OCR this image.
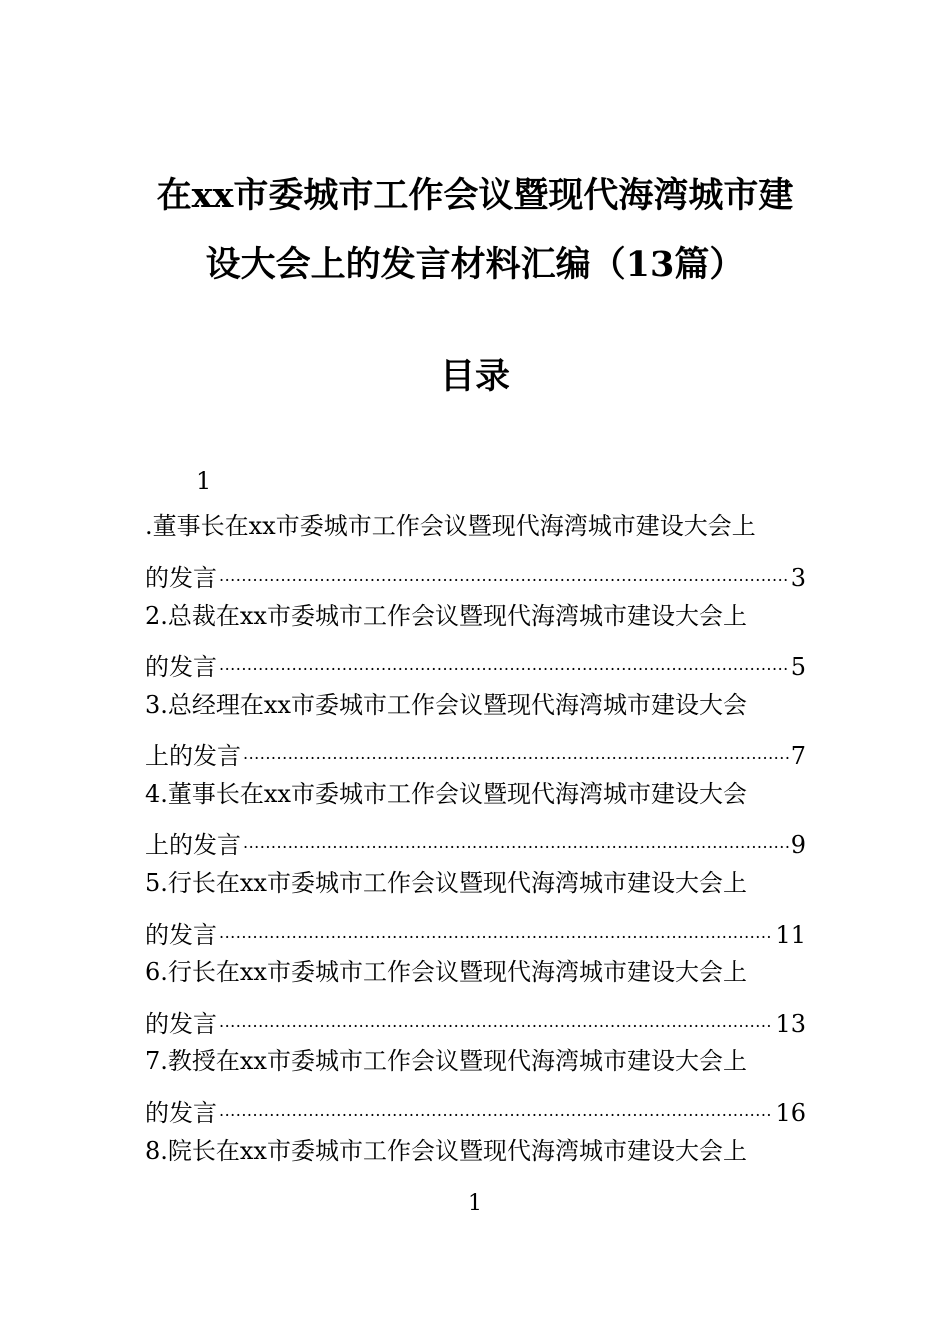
在xx市委城市工作会议暨现代海湾城市建
设大会上的发言材料汇编（13篇）
目录
1
.董事长在xx市委城市工作会议暨现代海湾城市建设大会上
的发言 .....	3
2.总裁在xx市委城市工作会议暨现代海湾城市建设大会上
的发言 .....	5
3.总经理在xx市委城市工作会议暨现代海湾城市建设大会
上的发言 .....	7
4.董事长在xx市委城市工作会议暨现代海湾城市建设大会
上的发言 .....	9
5.行长在xx市委城市工作会议暨现代海湾城市建设大会上
的发言 .....	11
6.行长在xx市委城市工作会议暨现代海湾城市建设大会上
的发言 .....	13
7.教授在xx市委城市工作会议暨现代海湾城市建设大会上
的发言 .....	16
8.院长在xx市委城市工作会议暨现代海湾城市建设大会上
1
